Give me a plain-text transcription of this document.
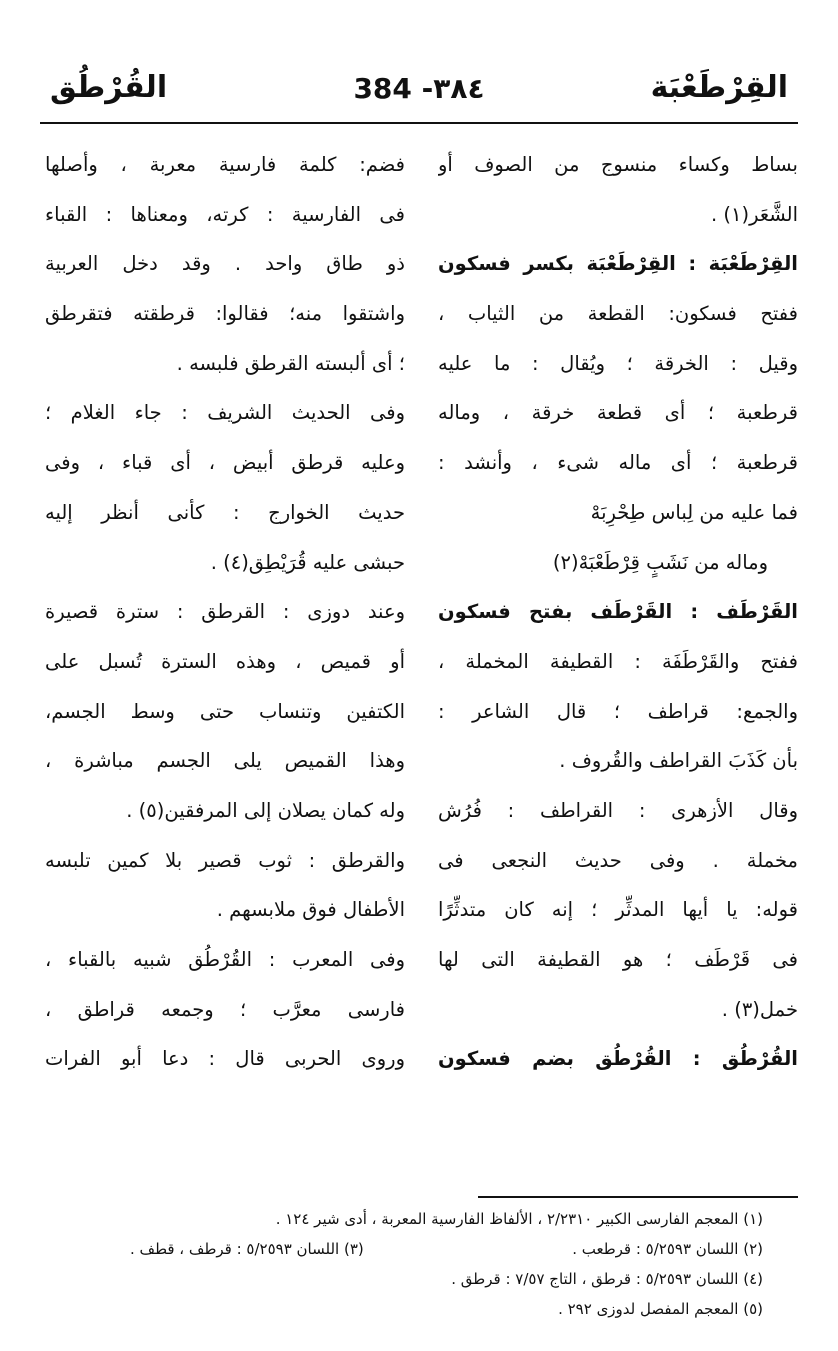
القِرْطَعْبَة
384 -٣٨٤
القُرْطُق
بساط وكساء منسوج من الصوف أو
الشَّعَر(١) .
القِرْطَعْبَة : القِرْطَعْبَة بكسر فسكون
ففتح فسكون: القطعة من الثياب ،
وقيل : الخرقة ؛ ويُقال : ما عليه
قرطعبة ؛ أى قطعة خرقة ، وماله
قرطعبة ؛ أى ماله شىء ، وأنشد :
فما عليه من لِباس طِحْرِبَهْ
وماله من نَشَبٍ قِرْطَعْبَهْ(٢)
القَرْطَف : القَرْطَف بفتح فسكون
ففتح والقَرْطَفَة : القطيفة المخملة ،
والجمع: قراطف ؛ قال الشاعر :
بأن كَذَبَ القراطف والقُروف .
وقال الأزهرى : القراطف : فُرُش
مخملة . وفى حديث النجعى فى
قوله: يا أيها المدثِّر ؛ إنه كان متدثِّرًا
فى قَرْطَف ؛ هو القطيفة التى لها
خمل(٣) .
القُرْطُق : القُرْطُق بضم فسكون
فضم: كلمة فارسية معربة ، وأصلها
فى الفارسية : كرته، ومعناها : القباء
ذو طاق واحد . وقد دخل العربية
واشتقوا منه؛ فقالوا: قرطقته فتقرطق
؛ أى ألبسته القرطق فلبسه .
وفى الحديث الشريف : جاء الغلام ؛
وعليه قرطق أبيض ، أى قباء ، وفى
حديث الخوارج : كأنى أنظر إليه
حبشى عليه قُرَيْطِق(٤) .
وعند دوزى : القرطق : سترة قصيرة
أو قميص ، وهذه السترة تُسبل على
الكتفين وتنساب حتى وسط الجسم،
وهذا القميص يلى الجسم مباشرة ،
وله كمان يصلان إلى المرفقين(٥) .
والقرطق : ثوب قصير بلا كمين تلبسه
الأطفال فوق ملابسهم .
وفى المعرب : القُرْطُق شبيه بالقباء ،
فارسى معرَّب ؛ وجمعه قراطق ،
وروى الحربى قال : دعا أبو الفرات
(١) المعجم الفارسى الكبير ٢/٢٣١٠ ، الألفاظ الفارسية المعربة ، أدى شير ١٢٤ .
(٢) اللسان ٥/٢٥٩٣ : قرطعب .
(٣) اللسان ٥/٢٥٩٣ : قرطف ، قطف .
(٤) اللسان ٥/٢٥٩٣ : قرطق ، التاج ٧/٥٧ : قرطق .
(٥) المعجم المفصل لدوزى ٢٩٢ .
